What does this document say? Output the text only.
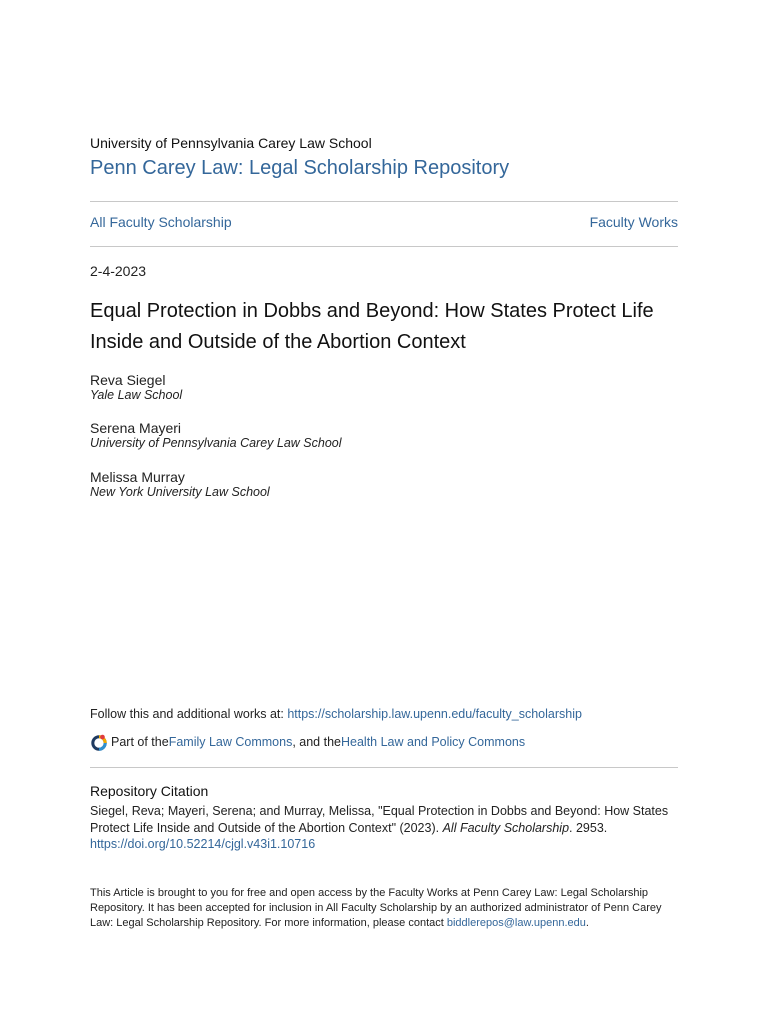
University of Pennsylvania Carey Law School
Penn Carey Law: Legal Scholarship Repository
All Faculty Scholarship	Faculty Works
2-4-2023
Equal Protection in Dobbs and Beyond: How States Protect Life Inside and Outside of the Abortion Context
Reva Siegel
Yale Law School
Serena Mayeri
University of Pennsylvania Carey Law School
Melissa Murray
New York University Law School
Follow this and additional works at: https://scholarship.law.upenn.edu/faculty_scholarship
Part of the Family Law Commons , and the Health Law and Policy Commons
Repository Citation
Siegel, Reva; Mayeri, Serena; and Murray, Melissa, "Equal Protection in Dobbs and Beyond: How States Protect Life Inside and Outside of the Abortion Context" (2023). All Faculty Scholarship. 2953.
https://doi.org/10.52214/cjgl.v43i1.10716
This Article is brought to you for free and open access by the Faculty Works at Penn Carey Law: Legal Scholarship Repository. It has been accepted for inclusion in All Faculty Scholarship by an authorized administrator of Penn Carey Law: Legal Scholarship Repository. For more information, please contact biddlerepos@law.upenn.edu.
